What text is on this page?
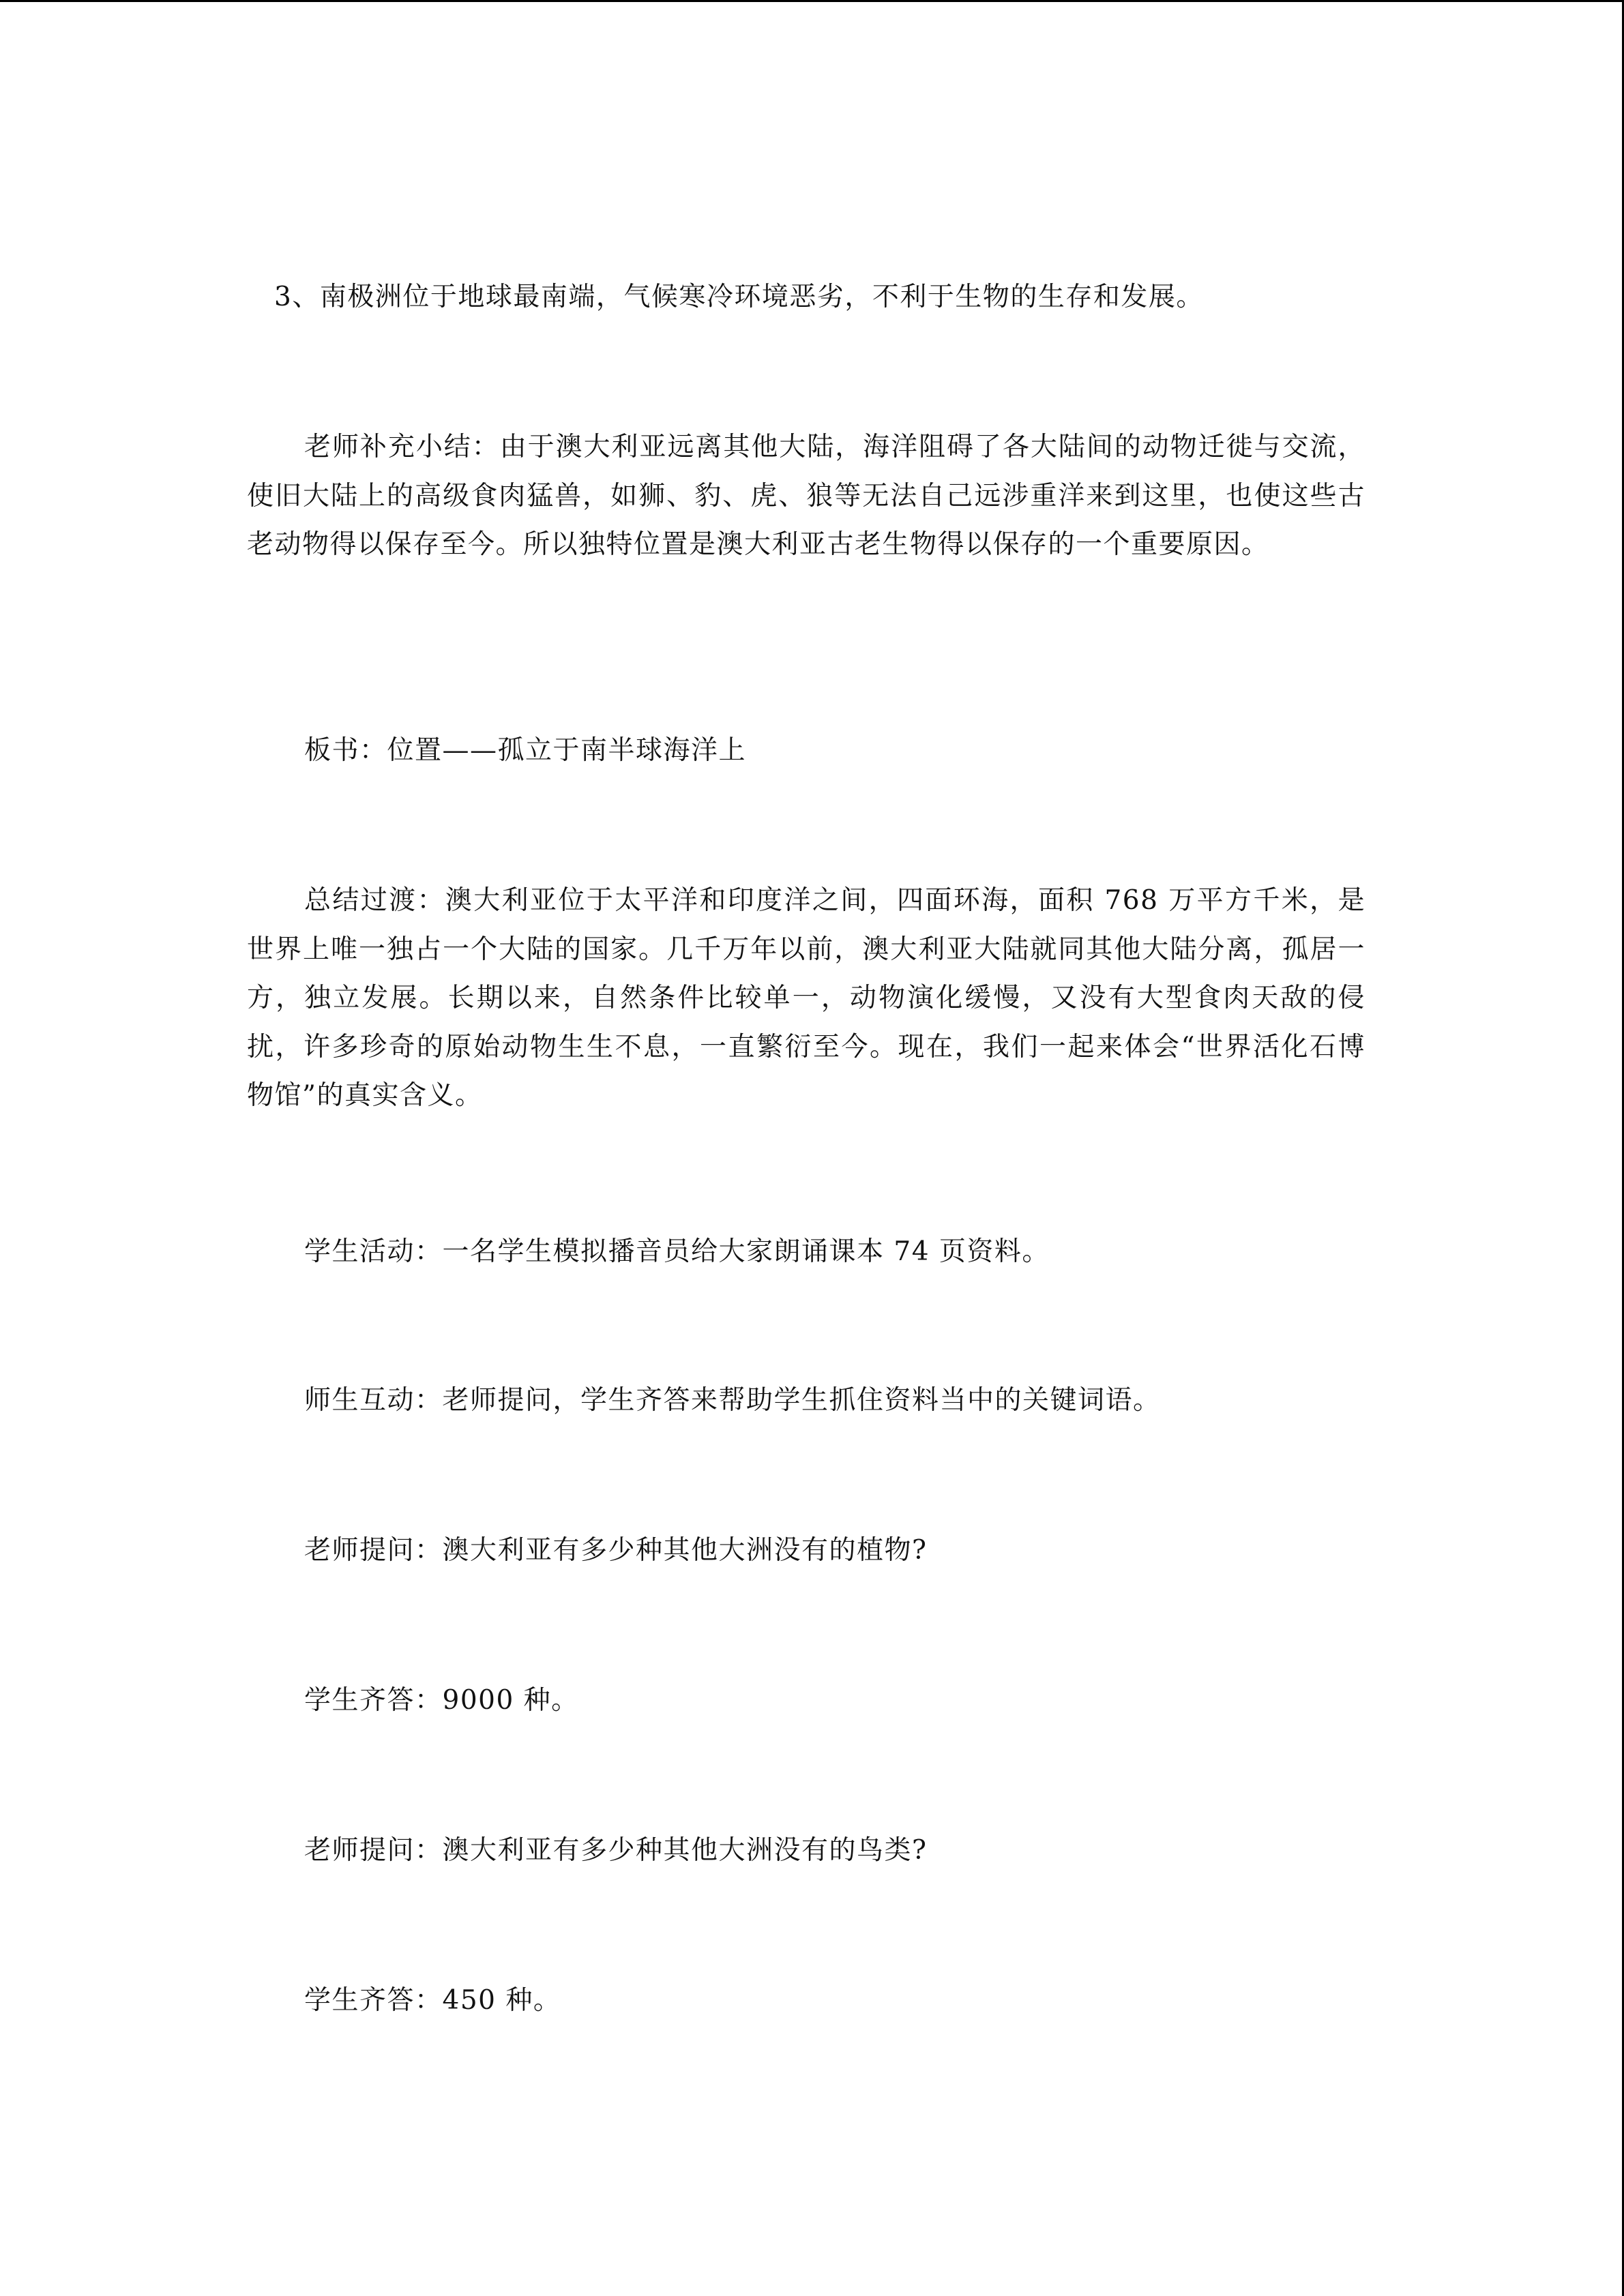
3、南极洲位于地球最南端，气候寒冷环境恶劣，不利于生物的生存和发展。

老师补充小结：由于澳大利亚远离其他大陆，海洋阻碍了各大陆间的动物迁徙与交流，使旧大陆上的高级食肉猛兽，如狮、豹、虎、狼等无法自己远涉重洋来到这里，也使这些古老动物得以保存至今。所以独特位置是澳大利亚古老生物得以保存的一个重要原因。

板书：位置——孤立于南半球海洋上

总结过渡：澳大利亚位于太平洋和印度洋之间，四面环海，面积 768 万平方千米，是世界上唯一独占一个大陆的国家。几千万年以前，澳大利亚大陆就同其他大陆分离，孤居一方，独立发展。长期以来，自然条件比较单一，动物演化缓慢，又没有大型食肉天敌的侵扰，许多珍奇的原始动物生生不息，一直繁衍至今。现在，我们一起来体会“世界活化石博物馆”的真实含义。

学生活动：一名学生模拟播音员给大家朗诵课本 74 页资料。

师生互动：老师提问，学生齐答来帮助学生抓住资料当中的关键词语。

老师提问：澳大利亚有多少种其他大洲没有的植物?

学生齐答：9000 种。

老师提问：澳大利亚有多少种其他大洲没有的鸟类?

学生齐答：450 种。
